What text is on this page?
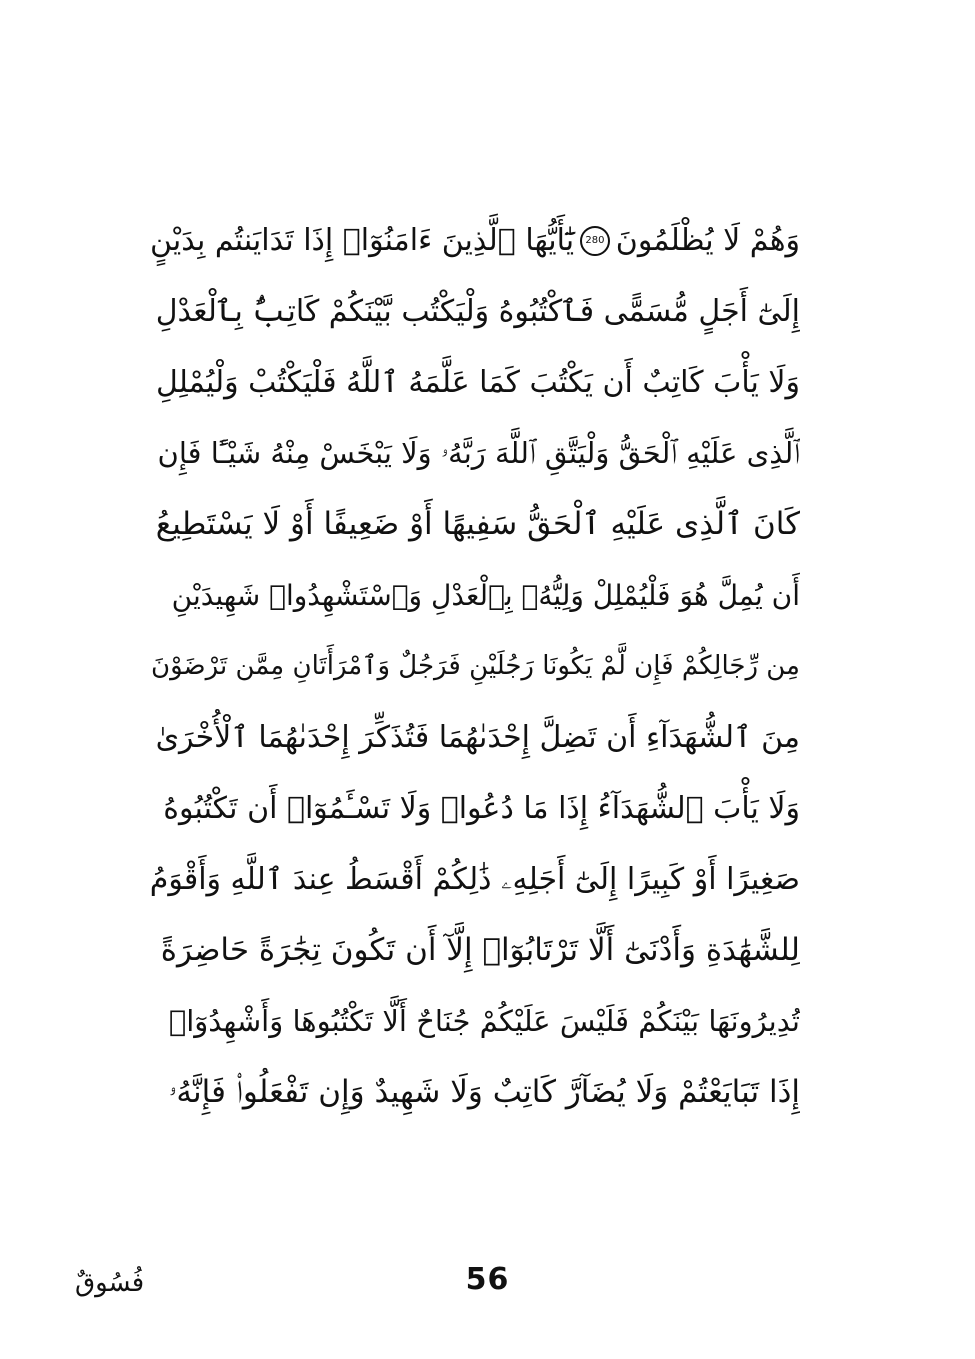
وَهُمْ لَا يُظْلَمُونَ
280
يَٰٓأَيُّهَا ٱلَّذِينَ ءَامَنُوٓا۟ إِذَا تَدَايَنتُم بِدَيْنٍ
إِلَىٰٓ أَجَلٍ مُّسَمًّى فَٱكْتُبُوهُ وَلْيَكْتُب بَّيْنَكُمْ كَاتِبٌۢ بِٱلْعَدْلِ
وَلَا يَأْبَ كَاتِبٌ أَن يَكْتُبَ كَمَا عَلَّمَهُ ٱللَّهُ فَلْيَكْتُبْ وَلْيُمْلِلِ
ٱلَّذِى عَلَيْهِ ٱلْحَقُّ وَلْيَتَّقِ ٱللَّهَ رَبَّهُۥ وَلَا يَبْخَسْ مِنْهُ شَيْـًٔا فَإِن
كَانَ ٱلَّذِى عَلَيْهِ ٱلْحَقُّ سَفِيهًا أَوْ ضَعِيفًا أَوْ لَا يَسْتَطِيعُ
أَن يُمِلَّ هُوَ فَلْيُمْلِلْ وَلِيُّهُۥ بِٱلْعَدْلِ وَٱسْتَشْهِدُوا۟ شَهِيدَيْنِ
مِن رِّجَالِكُمْ فَإِن لَّمْ يَكُونَا رَجُلَيْنِ فَرَجُلٌ وَٱمْرَأَتَانِ مِمَّن تَرْضَوْنَ
مِنَ ٱلشُّهَدَآءِ أَن تَضِلَّ إِحْدَىٰهُمَا فَتُذَكِّرَ إِحْدَىٰهُمَا ٱلْأُخْرَىٰ
وَلَا يَأْبَ ٱلشُّهَدَآءُ إِذَا مَا دُعُوا۟ وَلَا تَسْـَٔمُوٓا۟ أَن تَكْتُبُوهُ
صَغِيرًا أَوْ كَبِيرًا إِلَىٰٓ أَجَلِهِۦ ذَٰلِكُمْ أَقْسَطُ عِندَ ٱللَّهِ وَأَقْوَمُ
لِلشَّهَٰدَةِ وَأَدْنَىٰٓ أَلَّا تَرْتَابُوٓا۟ إِلَّآ أَن تَكُونَ تِجَٰرَةً حَاضِرَةً
تُدِيرُونَهَا بَيْنَكُمْ فَلَيْسَ عَلَيْكُمْ جُنَاحٌ أَلَّا تَكْتُبُوهَا وَأَشْهِدُوٓا۟
إِذَا تَبَايَعْتُمْ وَلَا يُضَآرَّ كَاتِبٌ وَلَا شَهِيدٌ وَإِن تَفْعَلُوا۟ فَإِنَّهُۥ
56
فُسُوقٌ
